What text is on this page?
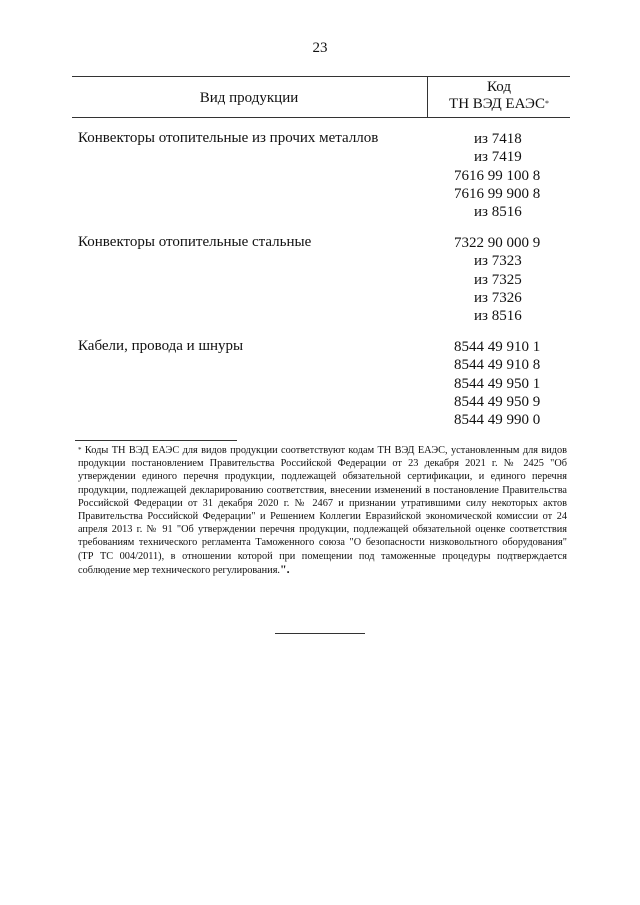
23
Вид продукции
Код
ТН ВЭД ЕАЭС*
Конвекторы отопительные из прочих металлов	из 7418
из 7419
7616 99 100 8
7616 99 900 8
из 8516
Конвекторы отопительные стальные	7322 90 000 9
из 7323
из 7325
из 7326
из 8516
Кабели, провода и шнуры	8544 49 910 1
8544 49 910 8
8544 49 950 1
8544 49 950 9
8544 49 990 0
* Коды ТН ВЭД ЕАЭС для видов продукции соответствуют кодам ТН ВЭД ЕАЭС, установленным для видов продукции постановлением Правительства Российской Федерации от 23 декабря 2021 г. № 2425 "Об утверждении единого перечня продукции, подлежащей обязательной сертификации, и единого перечня продукции, подлежащей декларированию соответствия, внесении изменений в постановление Правительства Российской Федерации от 31 декабря 2020 г. № 2467 и признании утратившими силу некоторых актов Правительства Российской Федерации" и Решением Коллегии Евразийской экономической комиссии от 24 апреля 2013 г. № 91 "Об утверждении перечня продукции, подлежащей обязательной оценке соответствия требованиям технического регламента Таможенного союза "О безопасности низковольтного оборудования" (ТР ТС 004/2011), в отношении которой при помещении под таможенные процедуры подтверждается соблюдение мер технического регулирования.".
